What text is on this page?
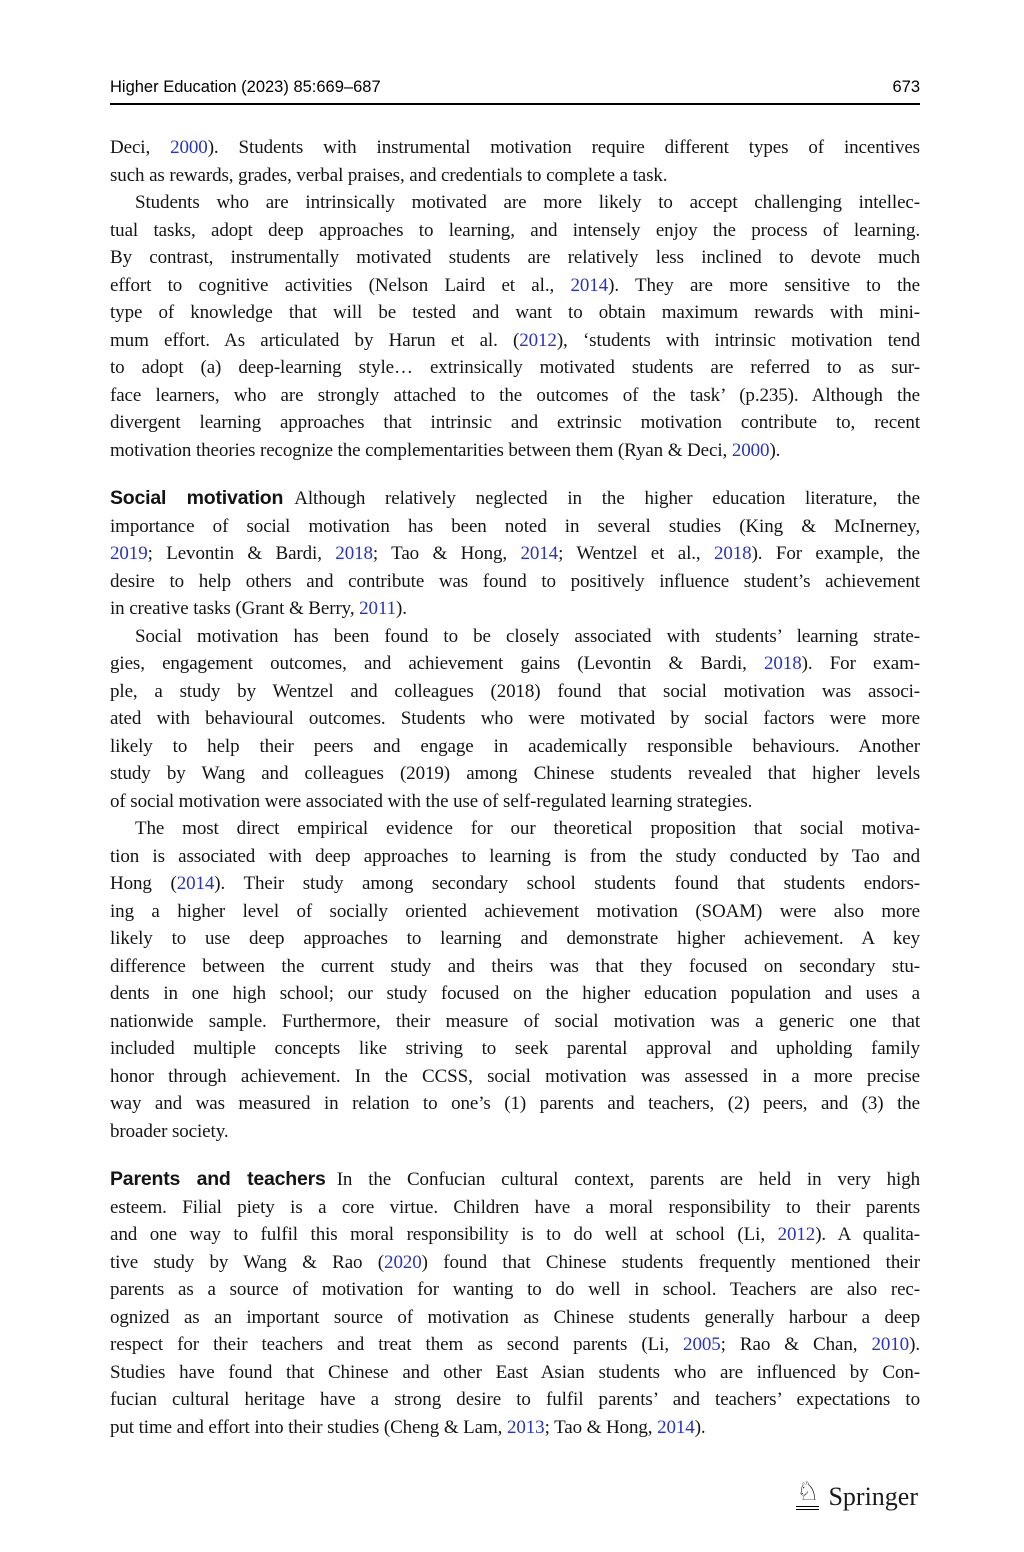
Higher Education (2023) 85:669–687	673
Deci, 2000). Students with instrumental motivation require different types of incentives
such as rewards, grades, verbal praises, and credentials to complete a task.
Students who are intrinsically motivated are more likely to accept challenging intellec-
tual tasks, adopt deep approaches to learning, and intensely enjoy the process of learning.
By contrast, instrumentally motivated students are relatively less inclined to devote much
effort to cognitive activities (Nelson Laird et al., 2014). They are more sensitive to the
type of knowledge that will be tested and want to obtain maximum rewards with mini-
mum effort. As articulated by Harun et al. (2012), ‘students with intrinsic motivation tend
to adopt (a) deep-learning style… extrinsically motivated students are referred to as sur-
face learners, who are strongly attached to the outcomes of the task’ (p.235). Although the
divergent learning approaches that intrinsic and extrinsic motivation contribute to, recent
motivation theories recognize the complementarities between them (Ryan & Deci, 2000).
Social motivation Although relatively neglected in the higher education literature, the
importance of social motivation has been noted in several studies (King & McInerney,
2019; Levontin & Bardi, 2018; Tao & Hong, 2014; Wentzel et al., 2018). For example, the
desire to help others and contribute was found to positively influence student’s achievement
in creative tasks (Grant & Berry, 2011).
Social motivation has been found to be closely associated with students’ learning strate-
gies, engagement outcomes, and achievement gains (Levontin & Bardi, 2018). For exam-
ple, a study by Wentzel and colleagues (2018) found that social motivation was associ-
ated with behavioural outcomes. Students who were motivated by social factors were more
likely to help their peers and engage in academically responsible behaviours. Another
study by Wang and colleagues (2019) among Chinese students revealed that higher levels
of social motivation were associated with the use of self-regulated learning strategies.
The most direct empirical evidence for our theoretical proposition that social motiva-
tion is associated with deep approaches to learning is from the study conducted by Tao and
Hong (2014). Their study among secondary school students found that students endors-
ing a higher level of socially oriented achievement motivation (SOAM) were also more
likely to use deep approaches to learning and demonstrate higher achievement. A key
difference between the current study and theirs was that they focused on secondary stu-
dents in one high school; our study focused on the higher education population and uses a
nationwide sample. Furthermore, their measure of social motivation was a generic one that
included multiple concepts like striving to seek parental approval and upholding family
honor through achievement. In the CCSS, social motivation was assessed in a more precise
way and was measured in relation to one’s (1) parents and teachers, (2) peers, and (3) the
broader society.
Parents and teachers In the Confucian cultural context, parents are held in very high
esteem. Filial piety is a core virtue. Children have a moral responsibility to their parents
and one way to fulfil this moral responsibility is to do well at school (Li, 2012). A qualita-
tive study by Wang & Rao (2020) found that Chinese students frequently mentioned their
parents as a source of motivation for wanting to do well in school. Teachers are also rec-
ognized as an important source of motivation as Chinese students generally harbour a deep
respect for their teachers and treat them as second parents (Li, 2005; Rao & Chan, 2010).
Studies have found that Chinese and other East Asian students who are influenced by Con-
fucian cultural heritage have a strong desire to fulfil parents’ and teachers’ expectations to
put time and effort into their studies (Cheng & Lam, 2013; Tao & Hong, 2014).
♘ Springer
